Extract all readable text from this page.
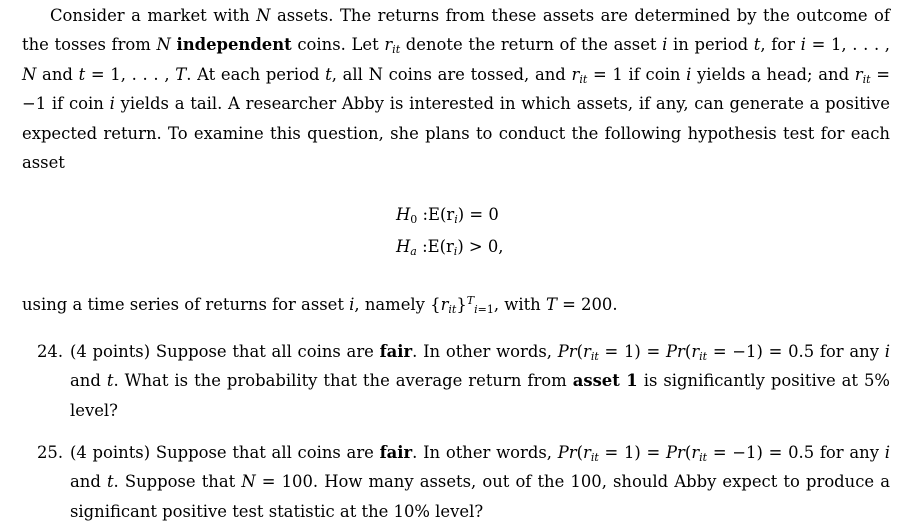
Consider a market with N assets. The returns from these assets are determined by the outcome of the tosses from N independent coins. Let $r_{it}$ denote the return of the asset i in period t, for i = 1, . . . , N and t = 1, . . . , T. At each period t, all N coins are tossed, and $r_{it} = 1$ if coin i yields a head; and $r_{it} = -1$ if coin i yields a tail. A researcher Abby is interested in which assets, if any, can generate a positive expected return. To examine this question, she plans to conduct the following hypothesis test for each asset
$H_0$ $:E(r_i) = 0$
$H_a$ $:E(r_i) > 0$,
using a time series of returns for asset i, namely $\{r_{it}\}^T_{i=1}$, with T = 200.
24. (4 points) Suppose that all coins are fair. In other words, $Pr(r_{it} = 1) = Pr(r_{it} = -1) = 0.5$ for any i and t. What is the probability that the average return from asset 1 is significantly positive at 5% level?
25. (4 points) Suppose that all coins are fair. In other words, $Pr(r_{it} = 1) = Pr(r_{it} = -1) = 0.5$ for any i and t. Suppose that N = 100. How many assets, out of the 100, should Abby expect to produce a significant positive test statistic at the 10% level?
